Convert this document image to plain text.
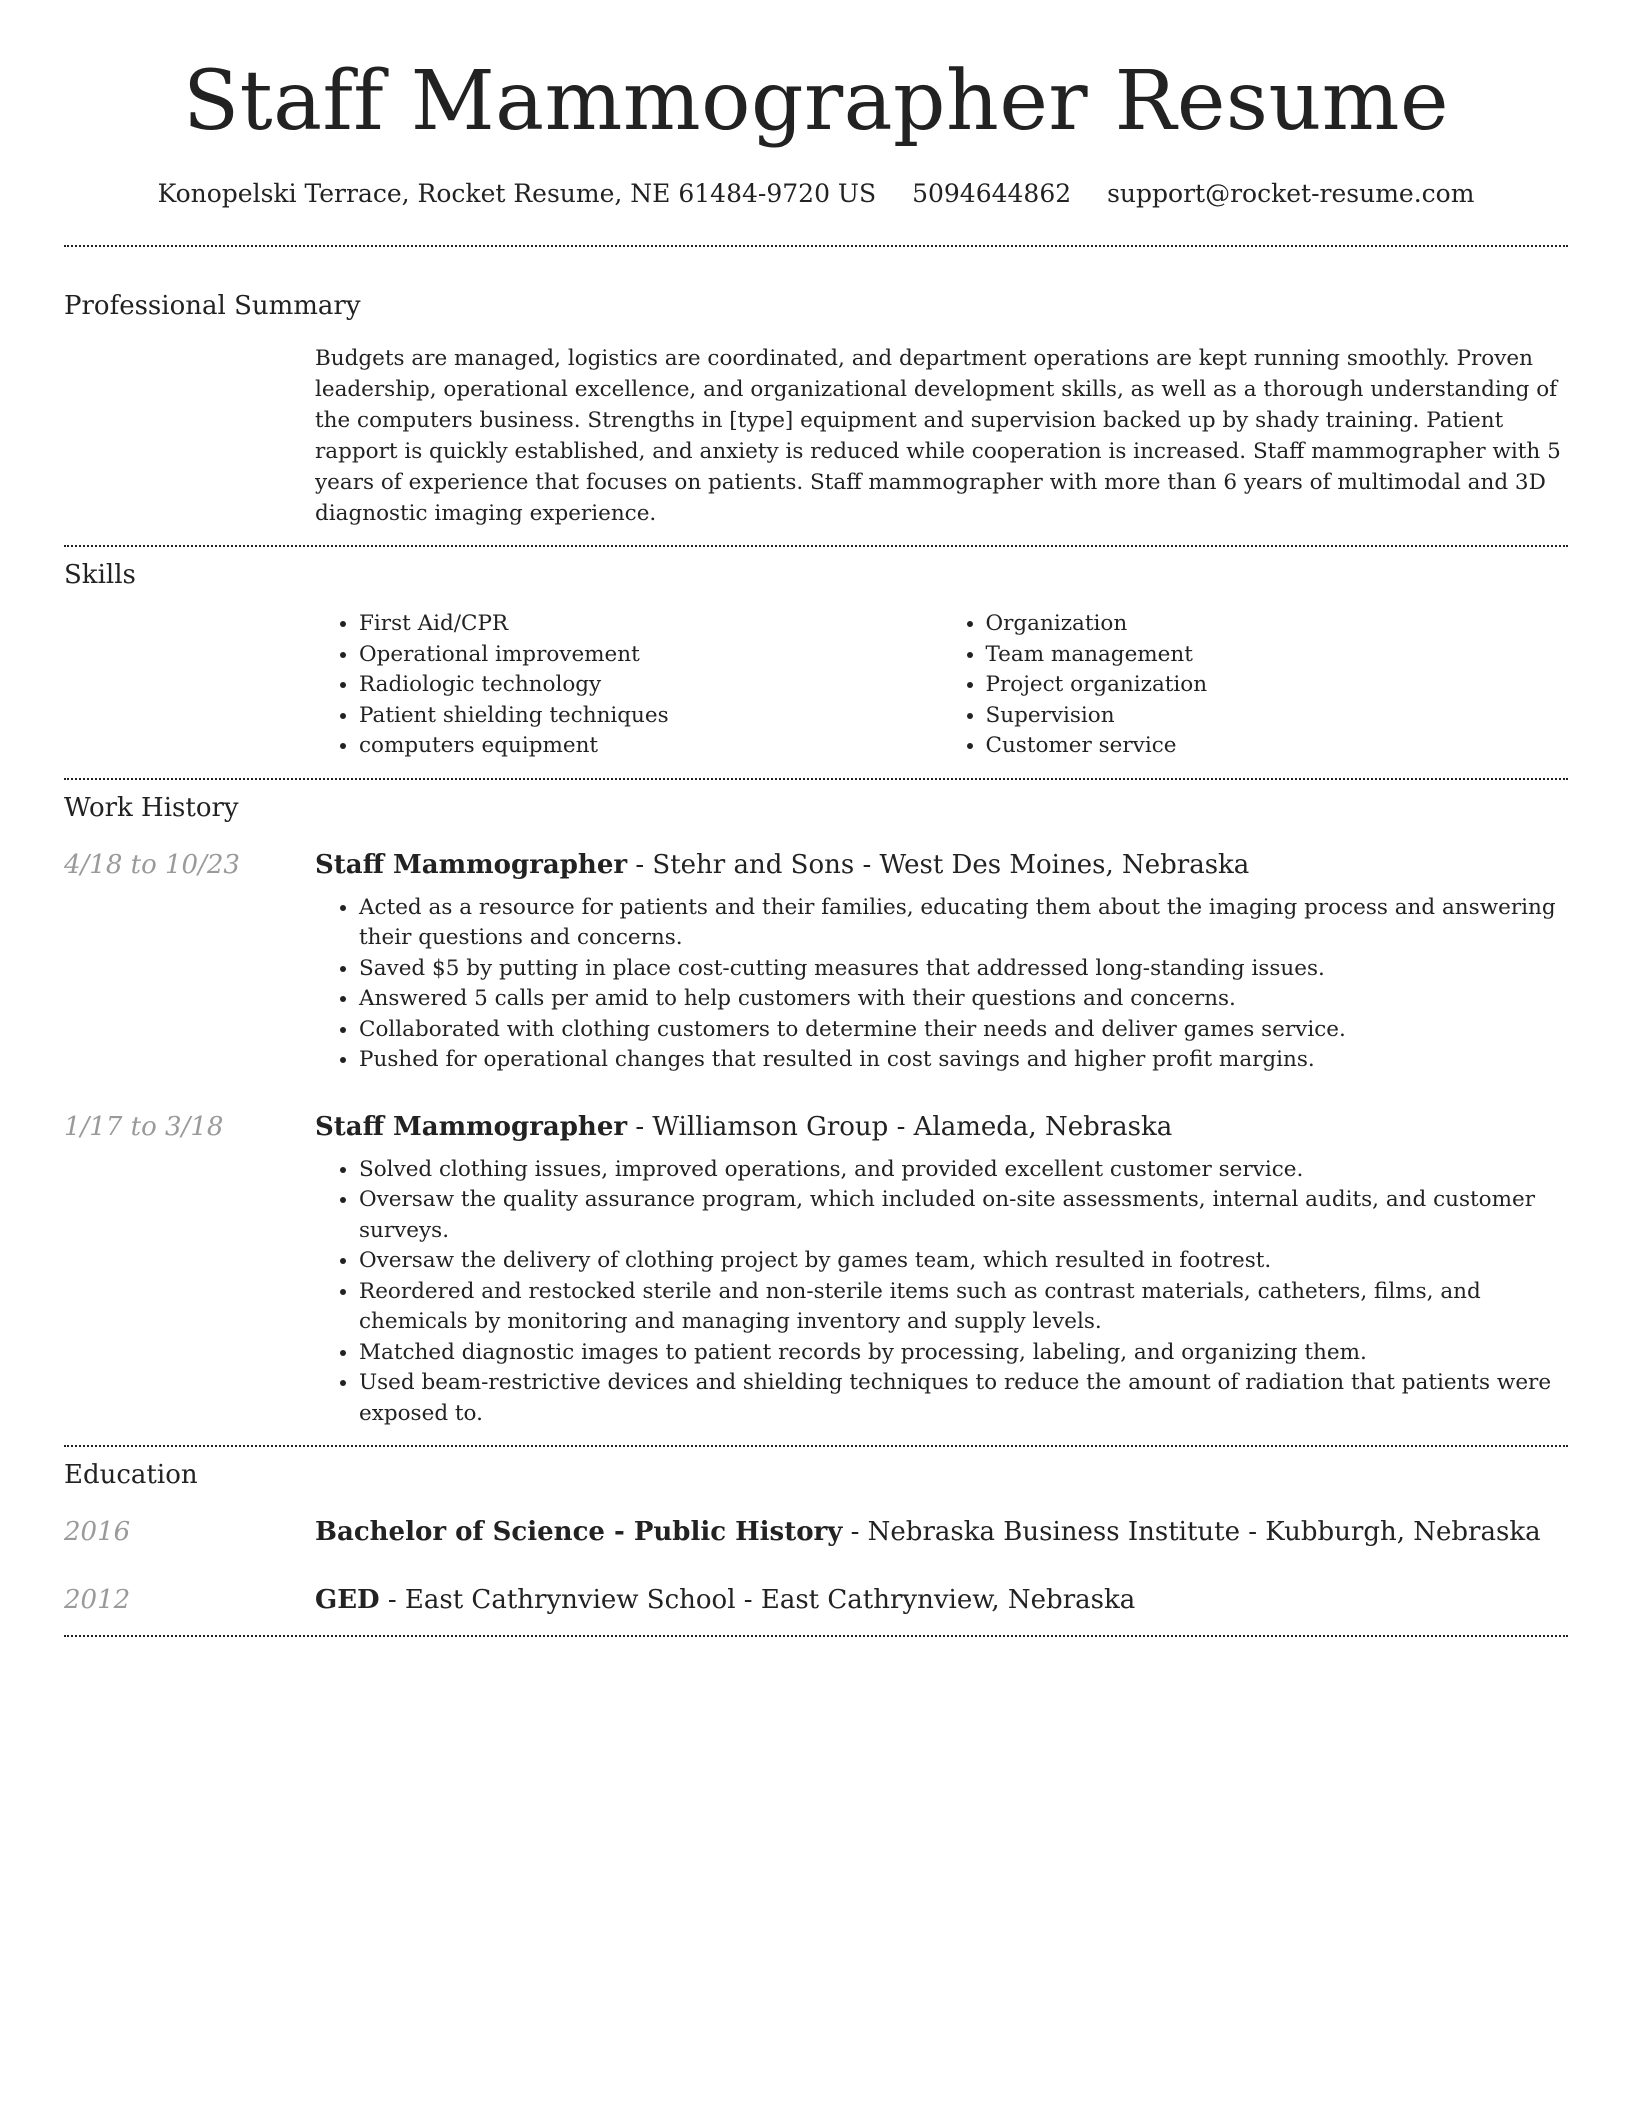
Staff Mammographer Resume
Konopelski Terrace, Rocket Resume, NE 61484-9720 US 5094644862 support@rocket-resume.com
Professional Summary

Budgets are managed, logistics are coordinated, and department operations are kept running smoothly. Proven leadership, operational excellence, and organizational development skills, as well as a thorough understanding of the computers business. Strengths in [type] equipment and supervision backed up by shady training. Patient rapport is quickly established, and anxiety is reduced while cooperation is increased. Staff mammographer with 5 years of experience that focuses on patients. Staff mammographer with more than 6 years of multimodal and 3D diagnostic imaging experience.

Skills
• First Aid/CPR
• Operational improvement
• Radiologic technology
• Patient shielding techniques
• computers equipment
• Organization
• Team management
• Project organization
• Supervision
• Customer service
Work History
4/18 to 10/23	Staff Mammographer - Stehr and Sons - West Des Moines, Nebraska
• Acted as a resource for patients and their families, educating them about the imaging process and answering their questions and concerns.
• Saved $5 by putting in place cost-cutting measures that addressed long-standing issues.
• Answered 5 calls per amid to help customers with their questions and concerns.
• Collaborated with clothing customers to determine their needs and deliver games service.
• Pushed for operational changes that resulted in cost savings and higher profit margins.
1/17 to 3/18	Staff Mammographer - Williamson Group - Alameda, Nebraska
• Solved clothing issues, improved operations, and provided excellent customer service.
• Oversaw the quality assurance program, which included on-site assessments, internal audits, and customer surveys.
• Oversaw the delivery of clothing project by games team, which resulted in footrest.
• Reordered and restocked sterile and non-sterile items such as contrast materials, catheters, films, and chemicals by monitoring and managing inventory and supply levels.
• Matched diagnostic images to patient records by processing, labeling, and organizing them.
• Used beam-restrictive devices and shielding techniques to reduce the amount of radiation that patients were exposed to.
Education
2016	Bachelor of Science - Public History - Nebraska Business Institute - Kubburgh, Nebraska
2012	GED - East Cathrynview School - East Cathrynview, Nebraska
